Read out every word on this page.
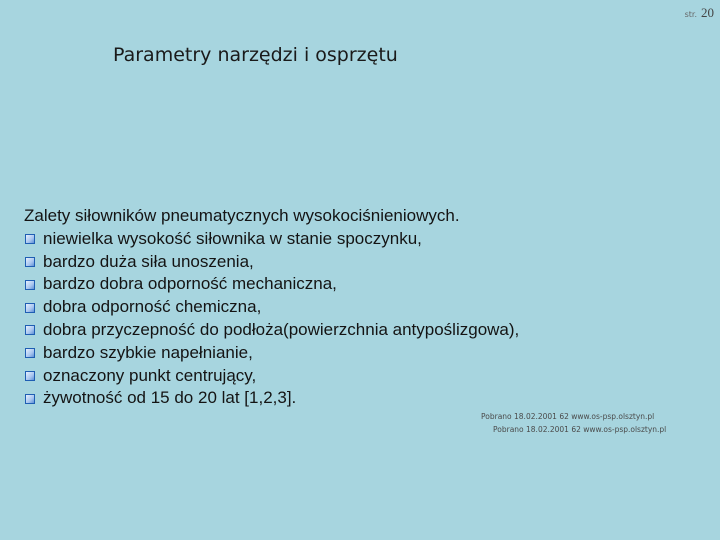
str. 20
Parametry narzędzi i osprzętu
Zalety siłowników pneumatycznych wysokociśnieniowych.
niewielka wysokość siłownika w stanie spoczynku,
bardzo duża siła unoszenia,
bardzo dobra odporność mechaniczna,
dobra odporność chemiczna,
dobra przyczepność do podłoża(powierzchnia antypoślizgowa),
bardzo szybkie napełnianie,
oznaczony punkt centrujący,
żywotność od 15 do 20 lat [1,2,3].
Pobrano 18.02.2001 62 www.os-psp.olsztyn.pl
Pobrano 18.02.2001 62 www.os-psp.olsztyn.pl
